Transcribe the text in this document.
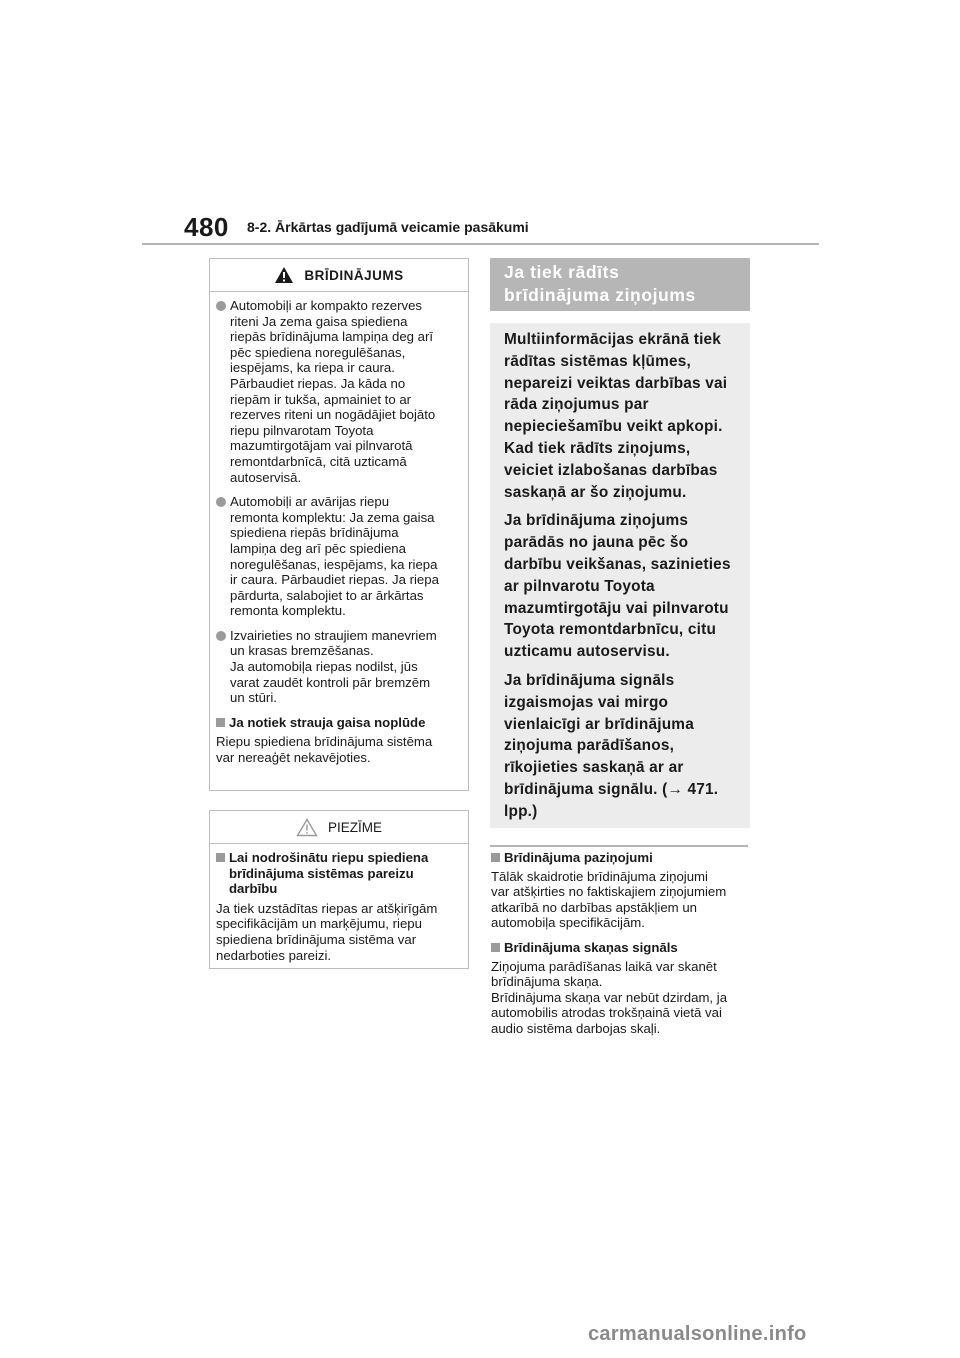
480 8-2. Ārkārtas gadījumā veicamie pasākumi
BRĪDINĀJUMS
Automobiļi ar kompakto rezerves
riteni Ja zema gaisa spiediena
riepās brīdinājuma lampiņa deg arī
pēc spiediena noregulēšanas,
iespējams, ka riepa ir caura.
Pārbaudiet riepas. Ja kāda no
riepām ir tukša, apmainiet to ar
rezerves riteni un nogādājiet bojāto
riepu pilnvarotam Toyota
mazumtirgotājam vai pilnvarotā
remontdarbnīcā, citā uzticamā
autoservisā.
Automobiļi ar avārijas riepu
remonta komplektu: Ja zema gaisa
spiediena riepās brīdinājuma
lampiņa deg arī pēc spiediena
noregulēšanas, iespējams, ka riepa
ir caura. Pārbaudiet riepas. Ja riepa
pārdurta, salabojiet to ar ārkārtas
remonta komplektu.
Izvairieties no straujiem manevriem
un krasas bremzēšanas.
Ja automobiļa riepas nodilst, jūs
varat zaudēt kontroli pār bremzēm
un stūri.
Ja notiek strauja gaisa noplūde
Riepu spiediena brīdinājuma sistēma
var nereaģēt nekavējoties.
PIEZĪME
Lai nodrošinātu riepu spiediena
brīdinājuma sistēmas pareizu
darbību
Ja tiek uzstādītas riepas ar atšķirīgām
specifikācijām un marķējumu, riepu
spiediena brīdinājuma sistēma var
nedarboties pareizi.
Ja tiek rādīts
brīdinājuma ziņojums
Multiinformācijas ekrānā tiek
rādītas sistēmas kļūmes,
nepareizi veiktas darbības vai
rāda ziņojumus par
nepieciešamību veikt apkopi.
Kad tiek rādīts ziņojums,
veiciet izlabošanas darbības
saskaņā ar šo ziņojumu.
Ja brīdinājuma ziņojums
parādās no jauna pēc šo
darbību veikšanas, sazinieties
ar pilnvarotu Toyota
mazumtirgotāju vai pilnvarotu
Toyota remontdarbnīcu, citu
uzticamu autoservisu.
Ja brīdinājuma signāls
izgaismojas vai mirgo
vienlaicīgi ar brīdinājuma
ziņojuma parādīšanos,
rīkojieties saskaņā ar ar
brīdinājuma signālu. (→ 471.
lpp.)
Brīdinājuma paziņojumi
Tālāk skaidrotie brīdinājuma ziņojumi
var atšķirties no faktiskajiem ziņojumiem
atkarībā no darbības apstākļiem un
automobiļa specifikācijām.
Brīdinājuma skaņas signāls
Ziņojuma parādīšanas laikā var skanēt
brīdinājuma skaņa.
Brīdinājuma skaņa var nebūt dzirdam, ja
automobilis atrodas trokšņainā vietā vai
audio sistēma darbojas skaļi.
carmanualsonline.info
